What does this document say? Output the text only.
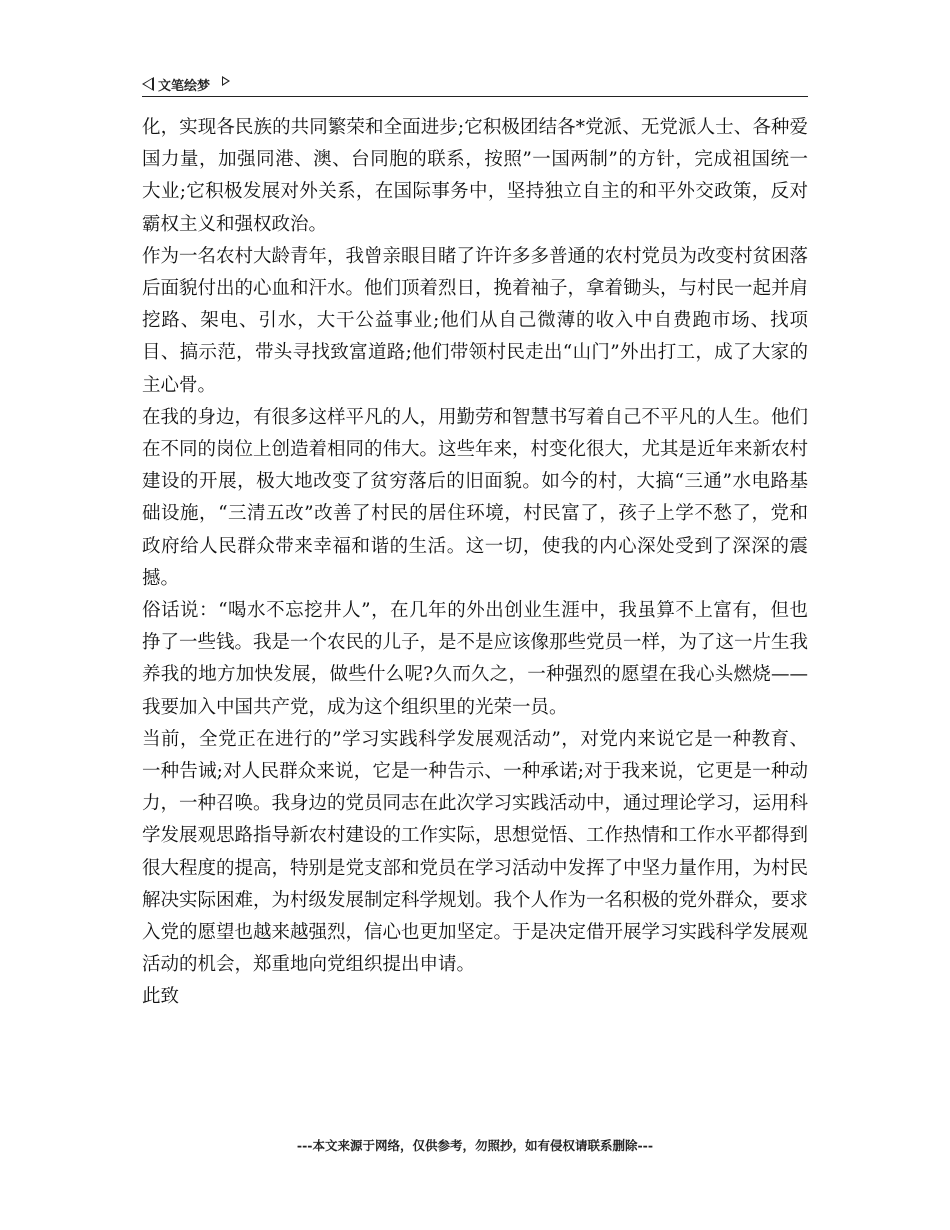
文笔绘梦

化，实现各民族的共同繁荣和全面进步;它积极团结各*党派、无党派人士、各种爱国力量，加强同港、澳、台同胞的联系，按照”一国两制”的方针，完成祖国统一大业;它积极发展对外关系，在国际事务中，坚持独立自主的和平外交政策，反对霸权主义和强权政治。

作为一名农村大龄青年，我曾亲眼目睹了许许多多普通的农村党员为改变村贫困落后面貌付出的心血和汗水。他们顶着烈日，挽着袖子，拿着锄头，与村民一起并肩挖路、架电、引水，大干公益事业;他们从自己微薄的收入中自费跑市场、找项目、搞示范，带头寻找致富道路;他们带领村民走出“山门”外出打工，成了大家的主心骨。

在我的身边，有很多这样平凡的人，用勤劳和智慧书写着自己不平凡的人生。他们在不同的岗位上创造着相同的伟大。这些年来，村变化很大，尤其是近年来新农村建设的开展，极大地改变了贫穷落后的旧面貌。如今的村，大搞“三通”水电路基础设施，“三清五改”改善了村民的居住环境，村民富了，孩子上学不愁了，党和政府给人民群众带来幸福和谐的生活。这一切，使我的内心深处受到了深深的震撼。

俗话说：“喝水不忘挖井人”，在几年的外出创业生涯中，我虽算不上富有，但也挣了一些钱。我是一个农民的儿子，是不是应该像那些党员一样，为了这一片生我养我的地方加快发展，做些什么呢?久而久之，一种强烈的愿望在我心头燃烧——我要加入中国共产党，成为这个组织里的光荣一员。

当前，全党正在进行的”学习实践科学发展观活动”，对党内来说它是一种教育、一种告诫;对人民群众来说，它是一种告示、一种承诺;对于我来说，它更是一种动力，一种召唤。我身边的党员同志在此次学习实践活动中，通过理论学习，运用科学发展观思路指导新农村建设的工作实际，思想觉悟、工作热情和工作水平都得到很大程度的提高，特别是党支部和党员在学习活动中发挥了中坚力量作用，为村民解决实际困难，为村级发展制定科学规划。我个人作为一名积极的党外群众，要求入党的愿望也越来越强烈，信心也更加坚定。于是决定借开展学习实践科学发展观活动的机会，郑重地向党组织提出申请。

此致

---本文来源于网络，仅供参考，勿照抄，如有侵权请联系删除---
